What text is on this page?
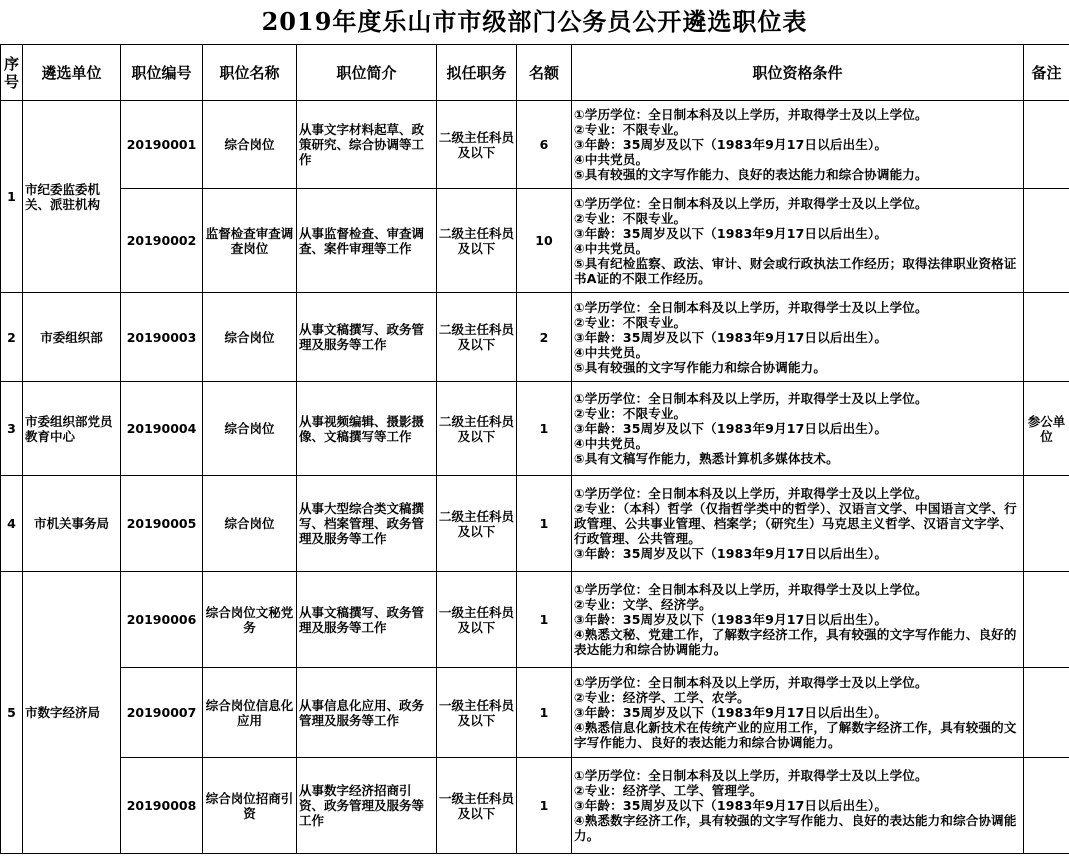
2019年度乐山市市级部门公务员公开遴选职位表
序号	遴选单位	职位编号	职位名称	职位简介	拟任职务	名额	职位资格条件	备注
1	市纪委监委机关、派驻机构	20190001	综合岗位	从事文字材料起草、政策研究、综合协调等工作	二级主任科员及以下	6	①学历学位：全日制本科及以上学历，并取得学士及以上学位。
②专业：不限专业。
③年龄：35周岁及以下（1983年9月17日以后出生）。
④中共党员。
⑤具有较强的文字写作能力、良好的表达能力和综合协调能力。	

		20190002	监督检查审查调查岗位	从事监督检查、审查调查、案件审理等工作	二级主任科员及以下	10	①学历学位：全日制本科及以上学历，并取得学士及以上学位。
②专业：不限专业。
③年龄：35周岁及以下（1983年9月17日以后出生）。
④中共党员。
⑤具有纪检监察、政法、审计、财会或行政执法工作经历；取得法律职业资格证书A证的不限工作经历。	

2	市委组织部	20190003	综合岗位	从事文稿撰写、政务管理及服务等工作	二级主任科员及以下	2	①学历学位：全日制本科及以上学历，并取得学士及以上学位。
②专业：不限专业。
③年龄：35周岁及以下（1983年9月17日以后出生）。
④中共党员。
⑤具有较强的文字写作能力和综合协调能力。	

3	市委组织部党员教育中心	20190004	综合岗位	从事视频编辑、摄影摄像、文稿撰写等工作	二级主任科员及以下	1	①学历学位：全日制本科及以上学历，并取得学士及以上学位。
②专业：不限专业。
③年龄：35周岁及以下（1983年9月17日以后出生）。
④中共党员。
⑤具有文稿写作能力，熟悉计算机多媒体技术。	参公单位
4	市机关事务局	20190005	综合岗位	从事大型综合类文稿撰写、档案管理、政务管理及服务等工作	二级主任科员及以下	1	①学历学位：全日制本科及以上学历，并取得学士及以上学位。
②专业：（本科）哲学（仅指哲学类中的哲学）、汉语言文学、中国语言文学、行政管理、公共事业管理、档案学；（研究生）马克思主义哲学、汉语言文字学、行政管理、公共管理。
③年龄：35周岁及以下（1983年9月17日以后出生）。	

5	市数字经济局	20190006	综合岗位文秘党务	从事文稿撰写、政务管理及服务等工作	一级主任科员及以下	1	①学历学位：全日制本科及以上学历，并取得学士及以上学位。
②专业：文学、经济学。
③年龄：35周岁及以下（1983年9月17日以后出生）。
④熟悉文秘、党建工作，了解数字经济工作，具有较强的文字写作能力、良好的表达能力和综合协调能力。	

		20190007	综合岗位信息化应用	从事信息化应用、政务管理及服务等工作	一级主任科员及以下	1	①学历学位：全日制本科及以上学历，并取得学士及以上学位。
②专业：经济学、工学、农学。
③年龄：35周岁及以下（1983年9月17日以后出生）。
④熟悉信息化新技术在传统产业的应用工作，了解数字经济工作，具有较强的文字写作能力、良好的表达能力和综合协调能力。	

		20190008	综合岗位招商引资	从事数字经济招商引资、政务管理及服务等工作	一级主任科员及以下	1	①学历学位：全日制本科及以上学历，并取得学士及以上学位。
②专业：经济学、工学、管理学。
③年龄：35周岁及以下（1983年9月17日以后出生）。
④熟悉数字经济工作，具有较强的文字写作能力、良好的表达能力和综合协调能力。	
